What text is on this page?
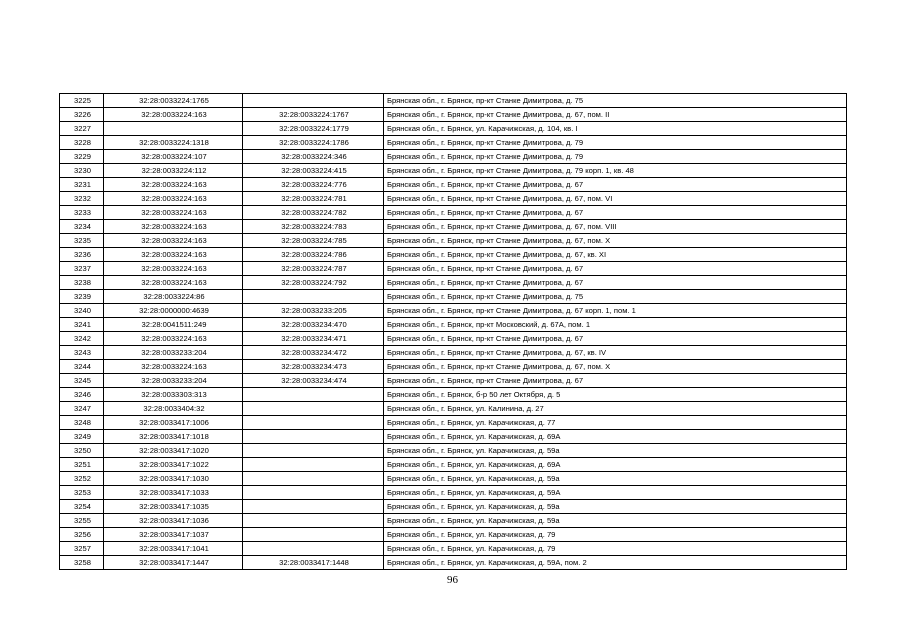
3225	32:28:0033224:1765		Брянская обл., г. Брянск, пр-кт Станке Димитрова, д. 75
3226	32:28:0033224:163	32:28:0033224:1767	Брянская обл., г. Брянск, пр-кт Станке Димитрова, д. 67, пом. II
3227		32:28:0033224:1779	Брянская обл., г. Брянск, ул. Карачижская, д. 104, кв. I
3228	32:28:0033224:1318	32:28:0033224:1786	Брянская обл., г. Брянск, пр-кт Станке Димитрова, д. 79
3229	32:28:0033224:107	32:28:0033224:346	Брянская обл., г. Брянск, пр-кт Станке Димитрова, д. 79
3230	32:28:0033224:112	32:28:0033224:415	Брянская обл., г. Брянск, пр-кт Станке Димитрова, д. 79 корп. 1, кв. 48
3231	32:28:0033224:163	32:28:0033224:776	Брянская обл., г. Брянск, пр-кт Станке Димитрова, д. 67
3232	32:28:0033224:163	32:28:0033224:781	Брянская обл., г. Брянск, пр-кт Станке Димитрова, д. 67, пом. VI
3233	32:28:0033224:163	32:28:0033224:782	Брянская обл., г. Брянск, пр-кт Станке Димитрова, д. 67
3234	32:28:0033224:163	32:28:0033224:783	Брянская обл., г. Брянск, пр-кт Станке Димитрова, д. 67, пом. VIII
3235	32:28:0033224:163	32:28:0033224:785	Брянская обл., г. Брянск, пр-кт Станке Димитрова, д. 67, пом. X
3236	32:28:0033224:163	32:28:0033224:786	Брянская обл., г. Брянск, пр-кт Станке Димитрова, д. 67, кв. XI
3237	32:28:0033224:163	32:28:0033224:787	Брянская обл., г. Брянск, пр-кт Станке Димитрова, д. 67
3238	32:28:0033224:163	32:28:0033224:792	Брянская обл., г. Брянск, пр-кт Станке Димитрова, д. 67
3239	32:28:0033224:86		Брянская обл., г. Брянск, пр-кт Станке Димитрова, д. 75
3240	32:28:0000000:4639	32:28:0033233:205	Брянская обл., г. Брянск, пр-кт Станке Димитрова, д. 67 корп. 1, пом. 1
3241	32:28:0041511:249	32:28:0033234:470	Брянская обл., г. Брянск, пр-кт Московский, д. 67А, пом. 1
3242	32:28:0033224:163	32:28:0033234:471	Брянская обл., г. Брянск, пр-кт Станке Димитрова, д. 67
3243	32:28:0033233:204	32:28:0033234:472	Брянская обл., г. Брянск, пр-кт Станке Димитрова, д. 67, кв. IV
3244	32:28:0033224:163	32:28:0033234:473	Брянская обл., г. Брянск, пр-кт Станке Димитрова, д. 67, пом. X
3245	32:28:0033233:204	32:28:0033234:474	Брянская обл., г. Брянск, пр-кт Станке Димитрова, д. 67
3246	32:28:0033303:313		Брянская обл., г. Брянск, б-р 50 лет Октября, д. 5
3247	32:28:0033404:32		Брянская обл., г. Брянск, ул. Калинина, д. 27
3248	32:28:0033417:1006		Брянская обл., г. Брянск, ул. Карачижская, д. 77
3249	32:28:0033417:1018		Брянская обл., г. Брянск, ул. Карачижская, д. 69А
3250	32:28:0033417:1020		Брянская обл., г. Брянск, ул. Карачижская, д. 59а
3251	32:28:0033417:1022		Брянская обл., г. Брянск, ул. Карачижская, д. 69А
3252	32:28:0033417:1030		Брянская обл., г. Брянск, ул. Карачижская, д. 59а
3253	32:28:0033417:1033		Брянская обл., г. Брянск, ул. Карачижская, д. 59А
3254	32:28:0033417:1035		Брянская обл., г. Брянск, ул. Карачижская, д. 59а
3255	32:28:0033417:1036		Брянская обл., г. Брянск, ул. Карачижская, д. 59а
3256	32:28:0033417:1037		Брянская обл., г. Брянск, ул. Карачижская, д. 79
3257	32:28:0033417:1041		Брянская обл., г. Брянск, ул. Карачижская, д. 79
3258	32:28:0033417:1447	32:28:0033417:1448	Брянская обл., г. Брянск, ул. Карачижская, д. 59А, пом. 2
96
